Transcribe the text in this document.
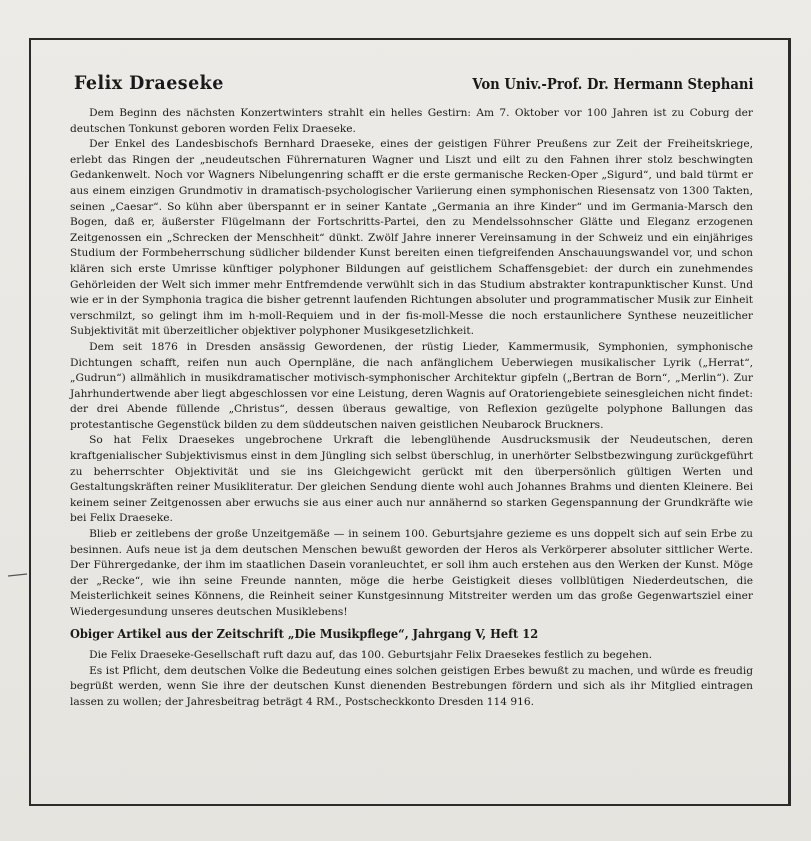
Felix Draeseke	Von Univ.-Prof. Dr. Hermann Stephani

Dem Beginn des nächsten Konzertwinters strahlt ein helles Gestirn: Am 7. Oktober vor 100 Jahren ist zu Coburg der deutschen Tonkunst geboren worden Felix Draeseke.

Der Enkel des Landesbischofs Bernhard Draeseke, eines der geistigen Führer Preußens zur Zeit der Freiheitskriege, erlebt das Ringen der „neudeutschen Führernaturen Wagner und Liszt und eilt zu den Fahnen ihrer stolz beschwingten Gedankenwelt. Noch vor Wagners Nibelungenring schafft er die erste germanische Recken-Oper „Sigurd“, und bald türmt er aus einem einzigen Grundmotiv in dramatisch-psychologischer Variierung einen symphonischen Riesensatz von 1300 Takten, seinen „Caesar“. So kühn aber überspannt er in seiner Kantate „Germania an ihre Kinder“ und im Germania-Marsch den Bogen, daß er, äußerster Flügelmann der Fortschritts-Partei, den zu Mendelssohnscher Glätte und Eleganz erzogenen Zeitgenossen ein „Schrecken der Menschheit“ dünkt. Zwölf Jahre innerer Vereinsamung in der Schweiz und ein einjähriges Studium der Formbeherrschung südlicher bildender Kunst bereiten einen tiefgreifenden Anschauungswandel vor, und schon klären sich erste Umrisse künftiger polyphoner Bildungen auf geistlichem Schaffensgebiet: der durch ein zunehmendes Gehörleiden der Welt sich immer mehr Entfremdende verwühlt sich in das Studium abstrakter kontrapunktischer Kunst. Und wie er in der Symphonia tragica die bisher getrennt laufenden Richtungen absoluter und programmatischer Musik zur Einheit verschmilzt, so gelingt ihm im h-moll-Requiem und in der fis-moll-Messe die noch erstaunlichere Synthese neuzeitlicher Subjektivität mit überzeitlicher objektiver polyphoner Musikgesetzlichkeit.

Dem seit 1876 in Dresden ansässig Gewordenen, der rüstig Lieder, Kammermusik, Symphonien, symphonische Dichtungen schafft, reifen nun auch Opernpläne, die nach anfänglichem Ueberwiegen musikalischer Lyrik („Herrat“, „Gudrun“) allmählich in musikdramatischer motivisch-symphonischer Architektur gipfeln („Bertran de Born“, „Merlin“). Zur Jahrhundertwende aber liegt abgeschlossen vor eine Leistung, deren Wagnis auf Oratoriengebiete seinesgleichen nicht findet: der drei Abende füllende „Christus“, dessen überaus gewaltige, von Reflexion gezügelte polyphone Ballungen das protestantische Gegenstück bilden zu dem süddeutschen naiven geistlichen Neubarock Bruckners.

So hat Felix Draesekes ungebrochene Urkraft die lebenglühende Ausdrucksmusik der Neudeutschen, deren kraftgenialischer Subjektivismus einst in dem Jüngling sich selbst überschlug, in unerhörter Selbstbezwingung zurückgeführt zu beherrschter Objektivität und sie ins Gleichgewicht gerückt mit den überpersönlich gültigen Werten und Gestaltungskräften reiner Musikliteratur. Der gleichen Sendung diente wohl auch Johannes Brahms und dienten Kleinere. Bei keinem seiner Zeitgenossen aber erwuchs sie aus einer auch nur annähernd so starken Gegenspannung der Grundkräfte wie bei Felix Draeseke.

Blieb er zeitlebens der große Unzeitgemäße — in seinem 100. Geburtsjahre gezieme es uns doppelt sich auf sein Erbe zu besinnen. Aufs neue ist ja dem deutschen Menschen bewußt geworden der Heros als Verkörperer absoluter sittlicher Werte. Der Führergedanke, der ihm im staatlichen Dasein voranleuchtet, er soll ihm auch erstehen aus den Werken der Kunst. Möge der „Recke“, wie ihn seine Freunde nannten, möge die herbe Geistigkeit dieses vollblütigen Niederdeutschen, die Meisterlichkeit seines Könnens, die Reinheit seiner Kunstgesinnung Mitstreiter werden um das große Gegenwartsziel einer Wiedergesundung unseres deutschen Musiklebens!

Obiger Artikel aus der Zeitschrift „Die Musikpflege“, Jahrgang V, Heft 12

Die Felix Draeseke-Gesellschaft ruft dazu auf, das 100. Geburtsjahr Felix Draesekes festlich zu begehen.

Es ist Pflicht, dem deutschen Volke die Bedeutung eines solchen geistigen Erbes bewußt zu machen, und würde es freudig begrüßt werden, wenn Sie ihre der deutschen Kunst dienenden Bestrebungen fördern und sich als ihr Mitglied eintragen lassen zu wollen; der Jahresbeitrag beträgt 4 RM., Postscheckkonto Dresden 114 916.
